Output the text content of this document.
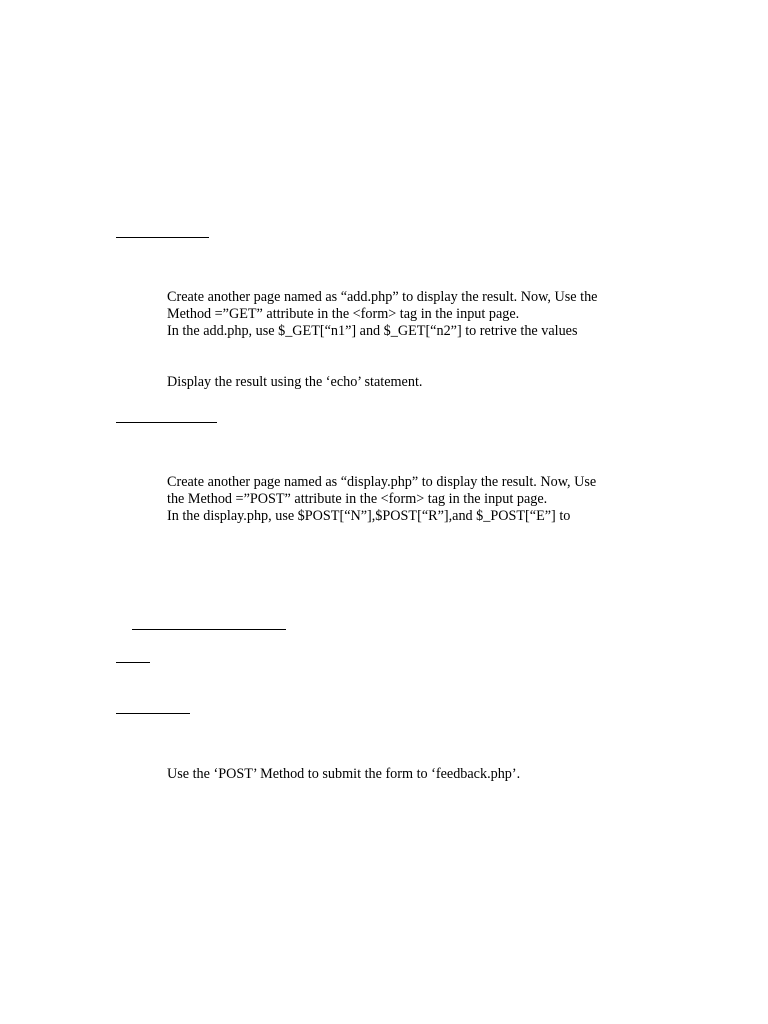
Create another page named as “add.php” to display the result. Now, Use the
Method =”GET” attribute in the <form> tag in the input page.
In the add.php, use $_GET[“n1”] and $_GET[“n2”] to retrive the values
Display the result using the ‘echo’ statement.
Create another page named as “display.php” to display the result. Now, Use
the Method =”POST” attribute in the <form> tag in the input page.
In the display.php, use $POST[“N”],$POST[“R”],and $_POST[“E”] to
Use the ‘POST’ Method to submit the form to ‘feedback.php’.
